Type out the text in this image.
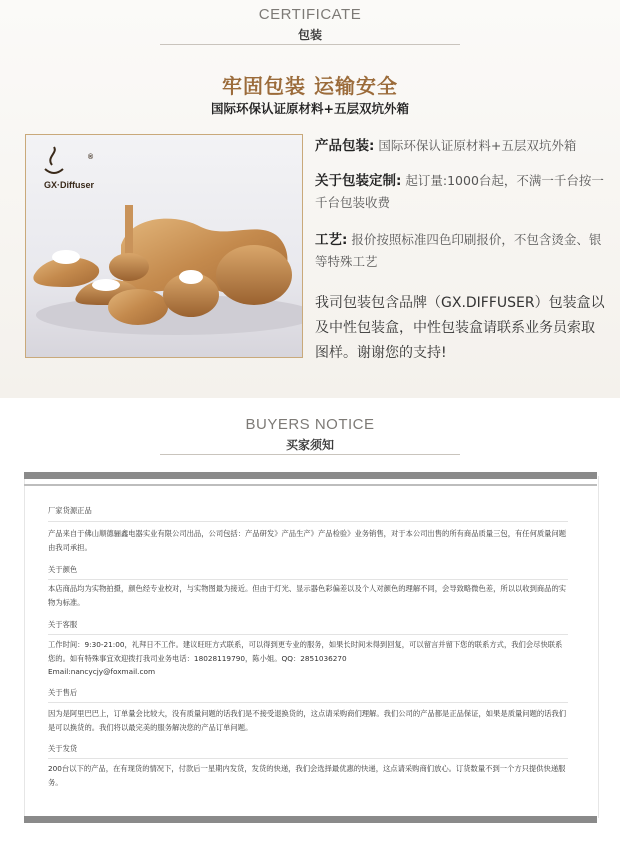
CERTIFICATE
包装
牢固包装 运输安全
国际环保认证原材料+五层双坑外箱
GX·Diffuser
®
产品包装: 国际环保认证原材料+五层双坑外箱
关于包装定制: 起订量:1000台起，不满一千台按一千台包装收费
工艺: 报价按照标准四色印刷报价，不包含烫金、银等特殊工艺
我司包装包含品牌（GX.DIFFUSER）包装盒以及中性包装盒，中性包装盒请联系业务员索取图样。谢谢您的支持!
BUYERS NOTICE
买家须知
厂家货源正品
产品来自于佛山顺德骊鑫电器实业有限公司出品，公司包括：产品研发》产品生产》产品检验》业务销售，对于本公司出售的所有商品质量三包，有任何质量问题由我司承担。
关于颜色
本店商品均为实物拍摄，颜色经专业校对，与实物图最为接近。但由于灯光、显示器色彩偏差以及个人对颜色的理解不同，会导致略微色差，所以以收到商品的实物为标准。
关于客服
工作时间：9:30-21:00，礼拜日不工作。建议旺旺方式联系，可以得到更专业的服务，如果长时间未得到回复，可以留言并留下您的联系方式，我们会尽快联系您的。如有特殊事宜欢迎拨打我司业务电话：18028119790，陈小姐。QQ：2851036270
Email:nancycjy@foxmail.com
关于售后
因为是阿里巴巴上，订单量会比较大，没有质量问题的话我们是不接受退换货的，这点请采购商们理解。我们公司的产品都是正品保证，如果是质量问题的话我们是可以换货的。我们将以最完美的服务解决您的产品订单问题。
关于发货
200台以下的产品，在有现货的情况下，付款后一星期内发货，发货的快递，我们会选择最优惠的快递，这点请采购商们放心。订货数量不到一个方只提供快递服务。
